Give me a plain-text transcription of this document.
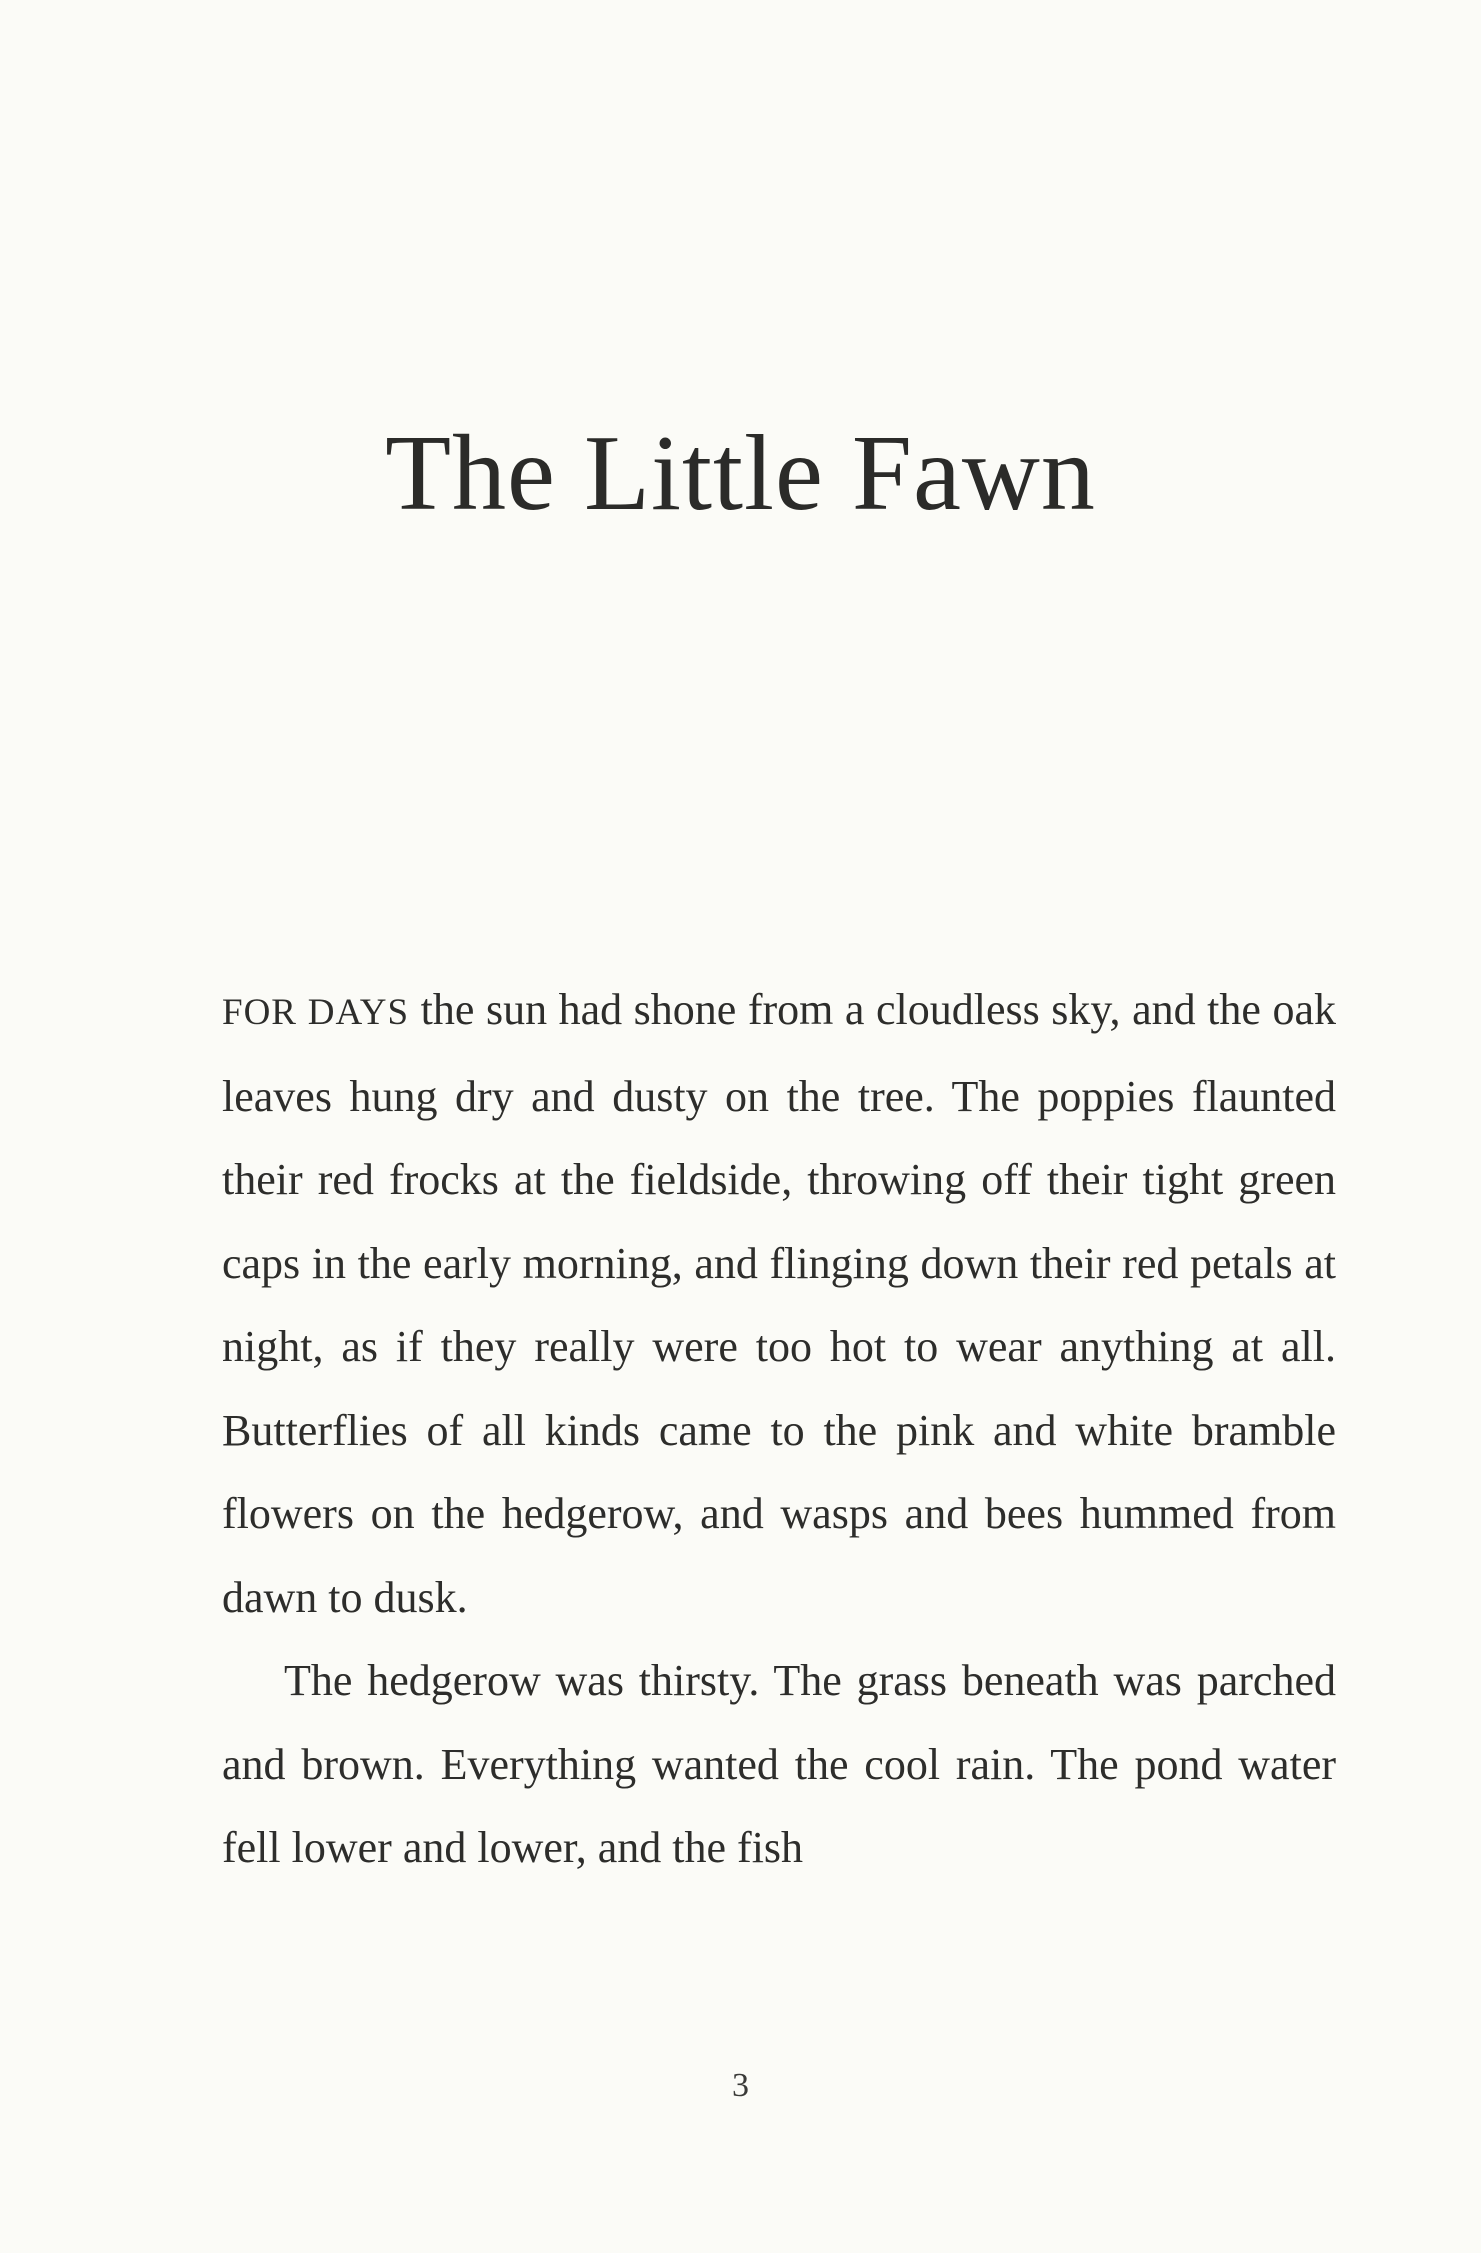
The Little Fawn

FOR DAYS the sun had shone from a cloudless sky, and the oak leaves hung dry and dusty on the tree. The poppies flaunted their red frocks at the fieldside, throwing off their tight green caps in the early morning, and flinging down their red petals at night, as if they really were too hot to wear anything at all. Butterflies of all kinds came to the pink and white bramble flowers on the hedgerow, and wasps and bees hummed from dawn to dusk.

The hedgerow was thirsty. The grass beneath was parched and brown. Everything wanted the cool rain. The pond water fell lower and lower, and the fish

3
